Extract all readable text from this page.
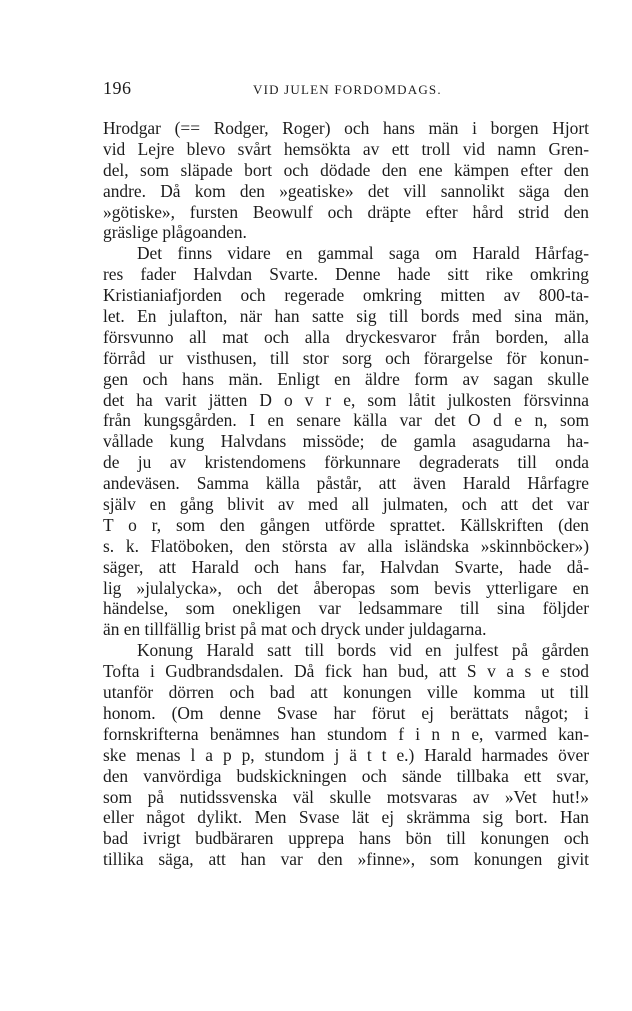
196	VID JULEN FORDOMDAGS.
Hrodgar (== Rodger, Roger) och hans män i borgen Hjort
vid Lejre blevo svårt hemsökta av ett troll vid namn Gren-
del, som släpade bort och dödade den ene kämpen efter den
andre. Då kom den »geatiske» det vill sannolikt säga den
»götiske», fursten Beowulf och dräpte efter hård strid den
gräslige plågoanden.
Det finns vidare en gammal saga om Harald Hårfag-
res fader Halvdan Svarte. Denne hade sitt rike omkring
Kristianiafjorden och regerade omkring mitten av 800-ta-
let. En julafton, när han satte sig till bords med sina män,
försvunno all mat och alla dryckesvaror från borden, alla
förråd ur visthusen, till stor sorg och förargelse för konun-
gen och hans män. Enligt en äldre form av sagan skulle
det ha varit jätten D o v r e, som låtit julkosten försvinna
från kungsgården. I en senare källa var det O d e n, som
vållade kung Halvdans missöde; de gamla asagudarna ha-
de ju av kristendomens förkunnare degraderats till onda
andeväsen. Samma källa påstår, att även Harald Hårfagre
själv en gång blivit av med all julmaten, och att det var
T o r, som den gången utförde sprattet. Källskriften (den
s. k. Flatöboken, den största av alla isländska »skinnböcker»)
säger, att Harald och hans far, Halvdan Svarte, hade då-
lig »julalycka», och det åberopas som bevis ytterligare en
händelse, som onekligen var ledsammare till sina följder
än en tillfällig brist på mat och dryck under juldagarna.
Konung Harald satt till bords vid en julfest på gården
Tofta i Gudbrandsdalen. Då fick han bud, att S v a s e stod
utanför dörren och bad att konungen ville komma ut till
honom. (Om denne Svase har förut ej berättats något; i
fornskrifterna benämnes han stundom f i n n e, varmed kan-
ske menas l a p p, stundom j ä t t e.) Harald harmades över
den vanvördiga budskickningen och sände tillbaka ett svar,
som på nutidssvenska väl skulle motsvaras av »Vet hut!»
eller något dylikt. Men Svase lät ej skrämma sig bort. Han
bad ivrigt budbäraren upprepa hans bön till konungen och
tillika säga, att han var den »finne», som konungen givit
